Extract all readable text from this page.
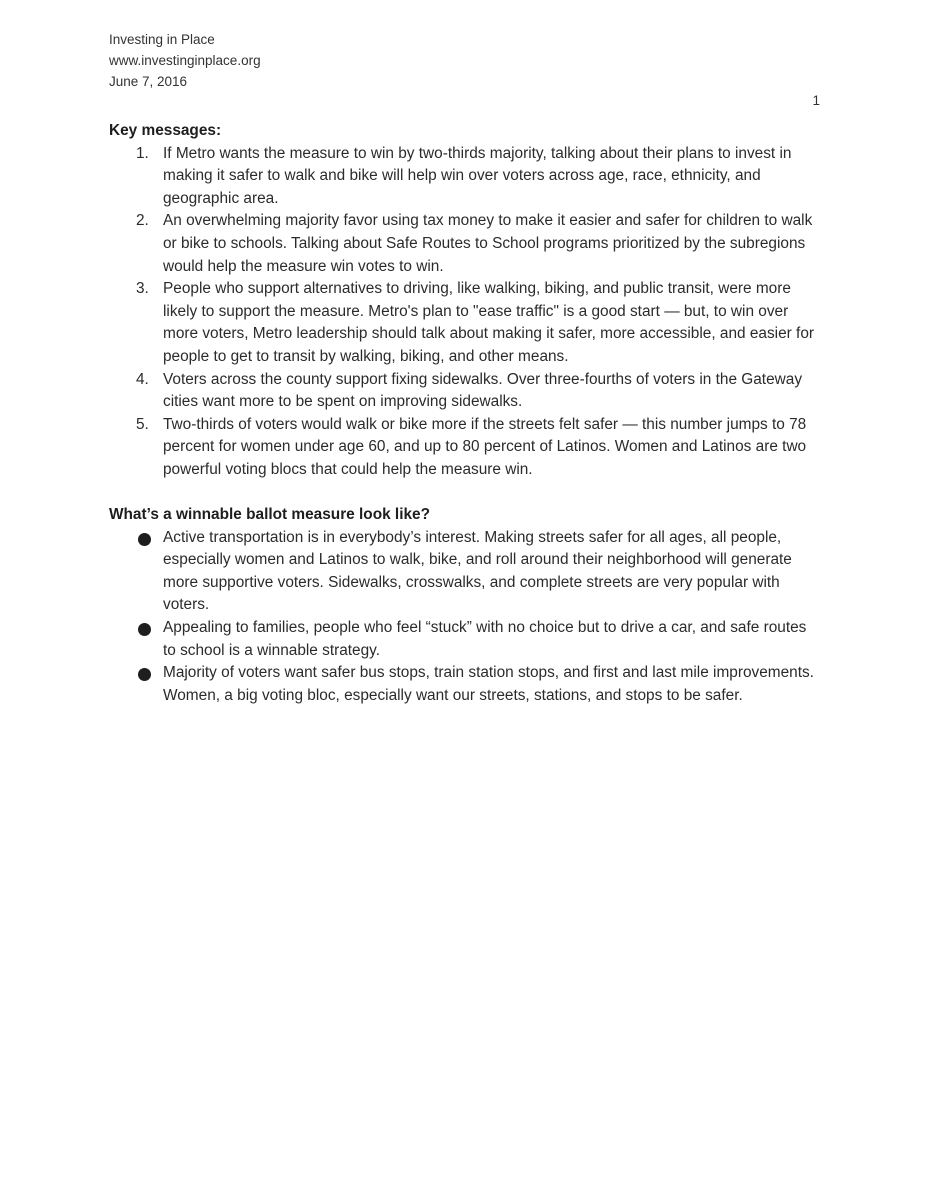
Investing in Place
www.investinginplace.org
June 7, 2016
1
Key messages:
1. If Metro wants the measure to win by two-thirds majority, talking about their plans to invest in making it safer to walk and bike will help win over voters across age, race, ethnicity, and geographic area.
2. An overwhelming majority favor using tax money to make it easier and safer for children to walk or bike to schools. Talking about Safe Routes to School programs prioritized by the subregions would help the measure win votes to win.
3. People who support alternatives to driving, like walking, biking, and public transit, were more likely to support the measure. Metro's plan to "ease traffic" is a good start — but, to win over more voters, Metro leadership should talk about making it safer, more accessible, and easier for people to get to transit by walking, biking, and other means.
4. Voters across the county support fixing sidewalks. Over three-fourths of voters in the Gateway cities want more to be spent on improving sidewalks.
5. Two-thirds of voters would walk or bike more if the streets felt safer — this number jumps to 78 percent for women under age 60, and up to 80 percent of Latinos. Women and Latinos are two powerful voting blocs that could help the measure win.
What’s a winnable ballot measure look like?
Active transportation is in everybody’s interest. Making streets safer for all ages, all people, especially women and Latinos to walk, bike, and roll around their neighborhood will generate more supportive voters. Sidewalks, crosswalks, and complete streets are very popular with voters.
Appealing to families, people who feel “stuck” with no choice but to drive a car, and safe routes to school is a winnable strategy.
Majority of voters want safer bus stops, train station stops, and first and last mile improvements. Women, a big voting bloc, especially want our streets, stations, and stops to be safer.
